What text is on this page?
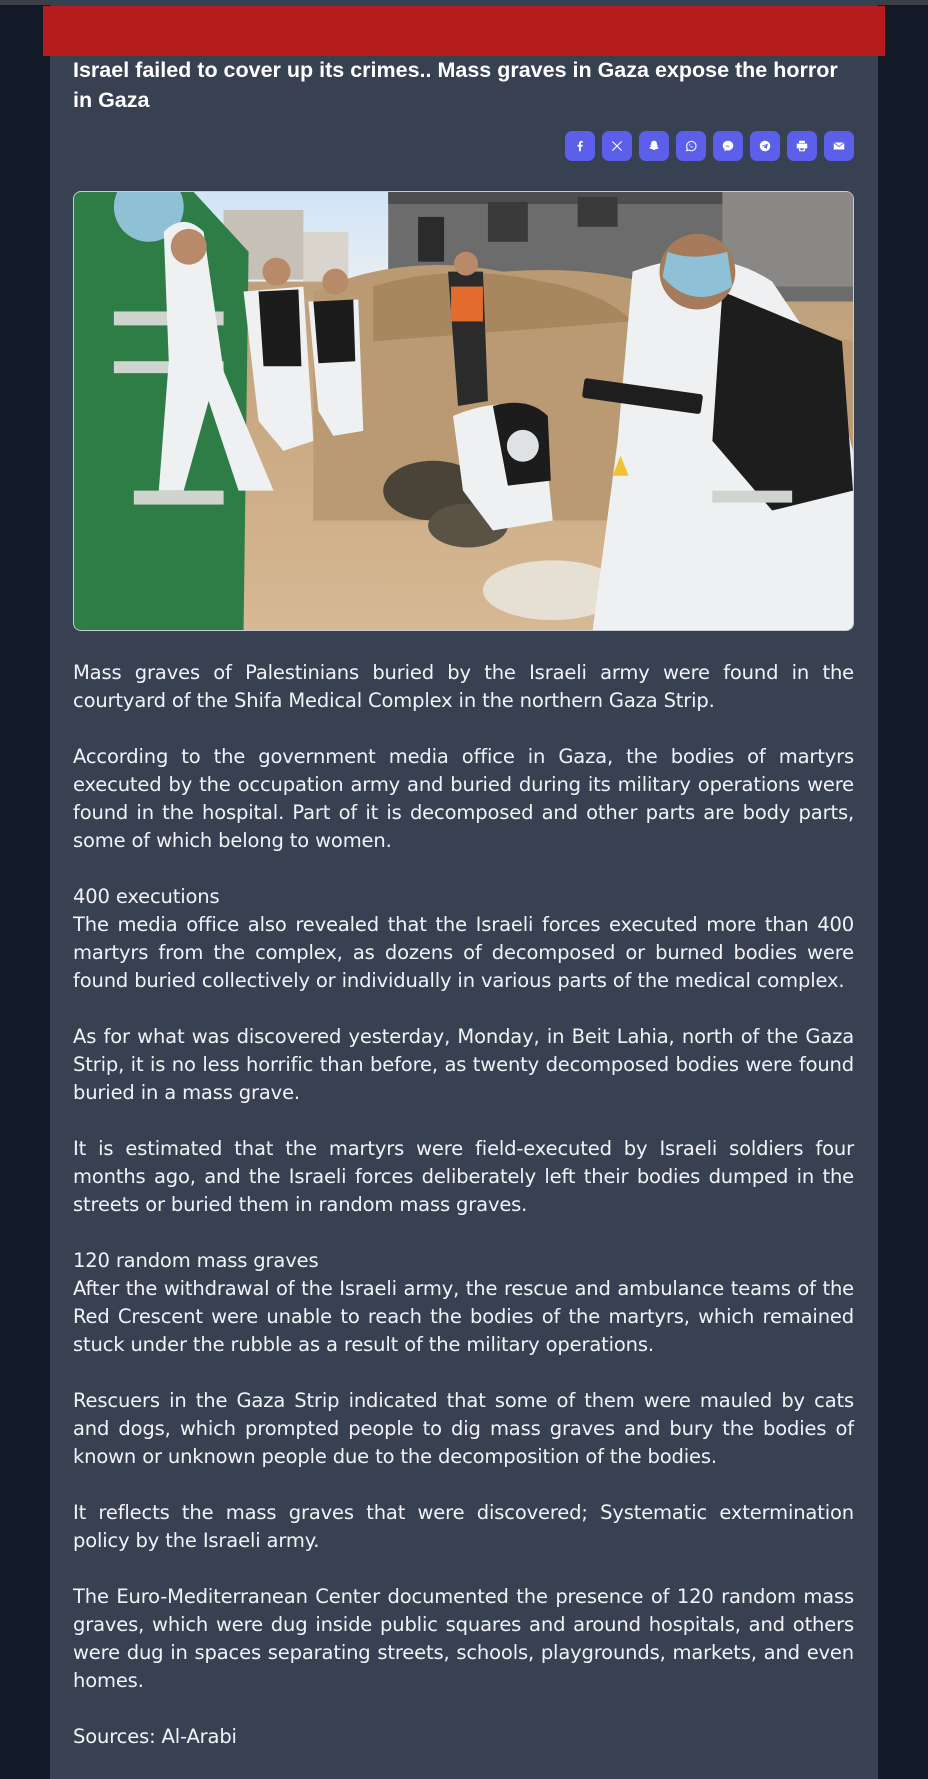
Israel failed to cover up its crimes.. Mass graves in Gaza expose the horror in Gaza

Mass graves of Palestinians buried by the Israeli army were found in the courtyard of the Shifa Medical Complex in the northern Gaza Strip.

According to the government media office in Gaza, the bodies of martyrs executed by the occupation army and buried during its military operations were found in the hospital. Part of it is decomposed and other parts are body parts, some of which belong to women.

400 executions

The media office also revealed that the Israeli forces executed more than 400 martyrs from the complex, as dozens of decomposed or burned bodies were found buried collectively or individually in various parts of the medical complex.

As for what was discovered yesterday, Monday, in Beit Lahia, north of the Gaza Strip, it is no less horrific than before, as twenty decomposed bodies were found buried in a mass grave.

It is estimated that the martyrs were field-executed by Israeli soldiers four months ago, and the Israeli forces deliberately left their bodies dumped in the streets or buried them in random mass graves.

120 random mass graves

After the withdrawal of the Israeli army, the rescue and ambulance teams of the Red Crescent were unable to reach the bodies of the martyrs, which remained stuck under the rubble as a result of the military operations.

Rescuers in the Gaza Strip indicated that some of them were mauled by cats and dogs, which prompted people to dig mass graves and bury the bodies of known or unknown people due to the decomposition of the bodies.

It reflects the mass graves that were discovered; Systematic extermination policy by the Israeli army.

The Euro-Mediterranean Center documented the presence of 120 random mass graves, which were dug inside public squares and around hospitals, and others were dug in spaces separating streets, schools, playgrounds, markets, and even homes.

Sources: Al-Arabi
